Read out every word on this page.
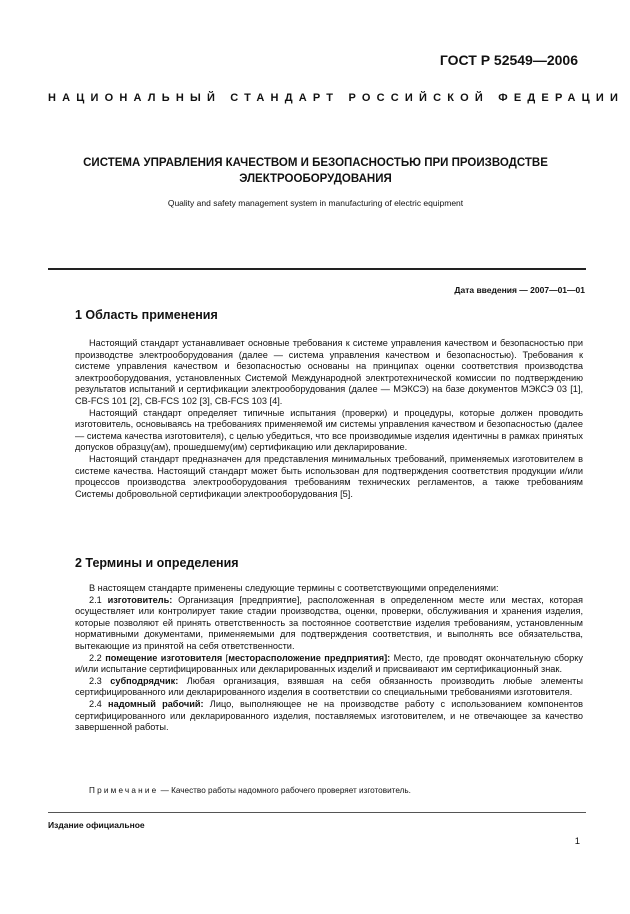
ГОСТ Р 52549—2006
НАЦИОНАЛЬНЫЙ СТАНДАРТ РОССИЙСКОЙ ФЕДЕРАЦИИ
СИСТЕМА УПРАВЛЕНИЯ КАЧЕСТВОМ И БЕЗОПАСНОСТЬЮ ПРИ ПРОИЗВОДСТВЕ
ЭЛЕКТРООБОРУДОВАНИЯ
Quality and safety management system in manufacturing of electric equipment
Дата введения — 2007—01—01
1 Область применения

Настоящий стандарт устанавливает основные требования к системе управления качеством и безопасностью при производстве электрооборудования (далее — система управления качеством и безопасностью). Требования к системе управления качеством и безопасностью основаны на принципах оценки соответствия производства электрооборудования, установленных Системой Международной электротехнической комиссии по подтверждению результатов испытаний и сертификации электрооборудования (далее — МЭКСЭ) на базе документов МЭКСЭ 03 [1], CB-FCS 101 [2], CB-FCS 102 [3], CB-FCS 103 [4].

Настоящий стандарт определяет типичные испытания (проверки) и процедуры, которые должен проводить изготовитель, основываясь на требованиях применяемой им системы управления качеством и безопасностью (далее — система качества изготовителя), с целью убедиться, что все производимые изделия идентичны в рамках принятых допусков образцу(ам), прошедшему(им) сертификацию или декларирование.

Настоящий стандарт предназначен для представления минимальных требований, применяемых изготовителем в системе качества. Настоящий стандарт может быть использован для подтверждения соответствия продукции и/или процессов производства электрооборудования требованиям технических регламентов, а также требованиям Системы добровольной сертификации электрооборудования [5].

2 Термины и определения

В настоящем стандарте применены следующие термины с соответствующими определениями:

2.1 изготовитель: Организация [предприятие], расположенная в определенном месте или местах, которая осуществляет или контролирует такие стадии производства, оценки, проверки, обслуживания и хранения изделия, которые позволяют ей принять ответственность за постоянное соответствие изделия требованиям, установленным нормативными документами, применяемыми для подтверждения соответствия, и выполнять все обязательства, вытекающие из принятой на себя ответственности.

2.2 помещение изготовителя [месторасположение предприятия]: Место, где проводят окончательную сборку и/или испытание сертифицированных или декларированных изделий и присваивают им сертификационный знак.

2.3 субподрядчик: Любая организация, взявшая на себя обязанность производить любые элементы сертифицированного или декларированного изделия в соответствии со специальными требованиями изготовителя.

2.4 надомный рабочий: Лицо, выполняющее не на производстве работу с использованием компонентов сертифицированного или декларированного изделия, поставляемых изготовителем, и не отвечающее за качество завершенной работы.

Примечание — Качество работы надомного рабочего проверяет изготовитель.
Издание официальное
1
